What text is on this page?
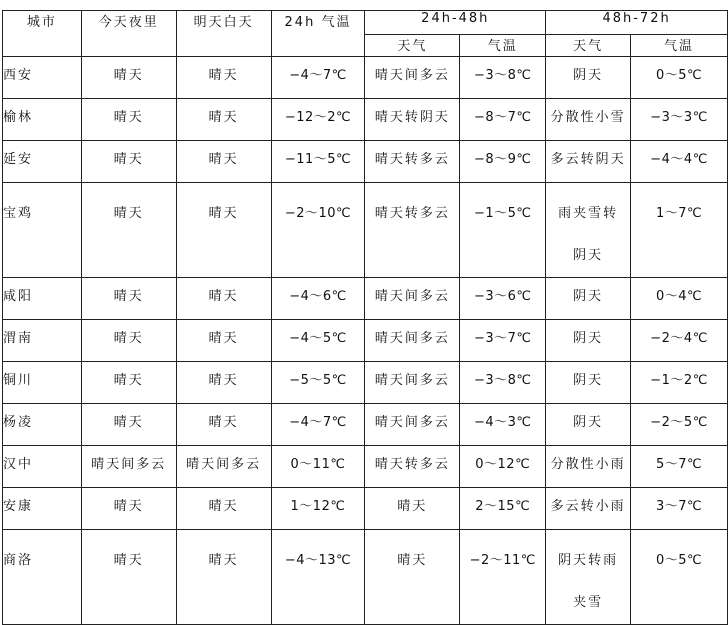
城市	今天夜里	明天白天	24h 气温	24h-48h		48h-72h	
				天气	气温	天气	气温

西安	晴天	晴天	−4～7℃	晴天间多云	−3～8℃	阴天	0～5℃

榆林	晴天	晴天	−12～2℃	晴天转阴天	−8～7℃	分散性小雪	−3～3℃

延安	晴天	晴天	−11～5℃	晴天转多云	−8～9℃	多云转阴天	−4～4℃

宝鸡	晴天	晴天	−2～10℃	晴天转多云	−1～5℃	雨夹雪转阴天	1～7℃

咸阳	晴天	晴天	−4～6℃	晴天间多云	−3～6℃	阴天	0～4℃

渭南	晴天	晴天	−4～5℃	晴天间多云	−3～7℃	阴天	−2～4℃

铜川	晴天	晴天	−5～5℃	晴天间多云	−3～8℃	阴天	−1～2℃

杨凌	晴天	晴天	−4～7℃	晴天间多云	−4～3℃	阴天	−2～5℃

汉中	晴天间多云	晴天间多云	0～11℃	晴天转多云	0～12℃	分散性小雨	5～7℃

安康	晴天	晴天	1～12℃	晴天	2～15℃	多云转小雨	3～7℃

商洛	晴天	晴天	−4～13℃	晴天	−2～11℃	阴天转雨夹雪	0～5℃
